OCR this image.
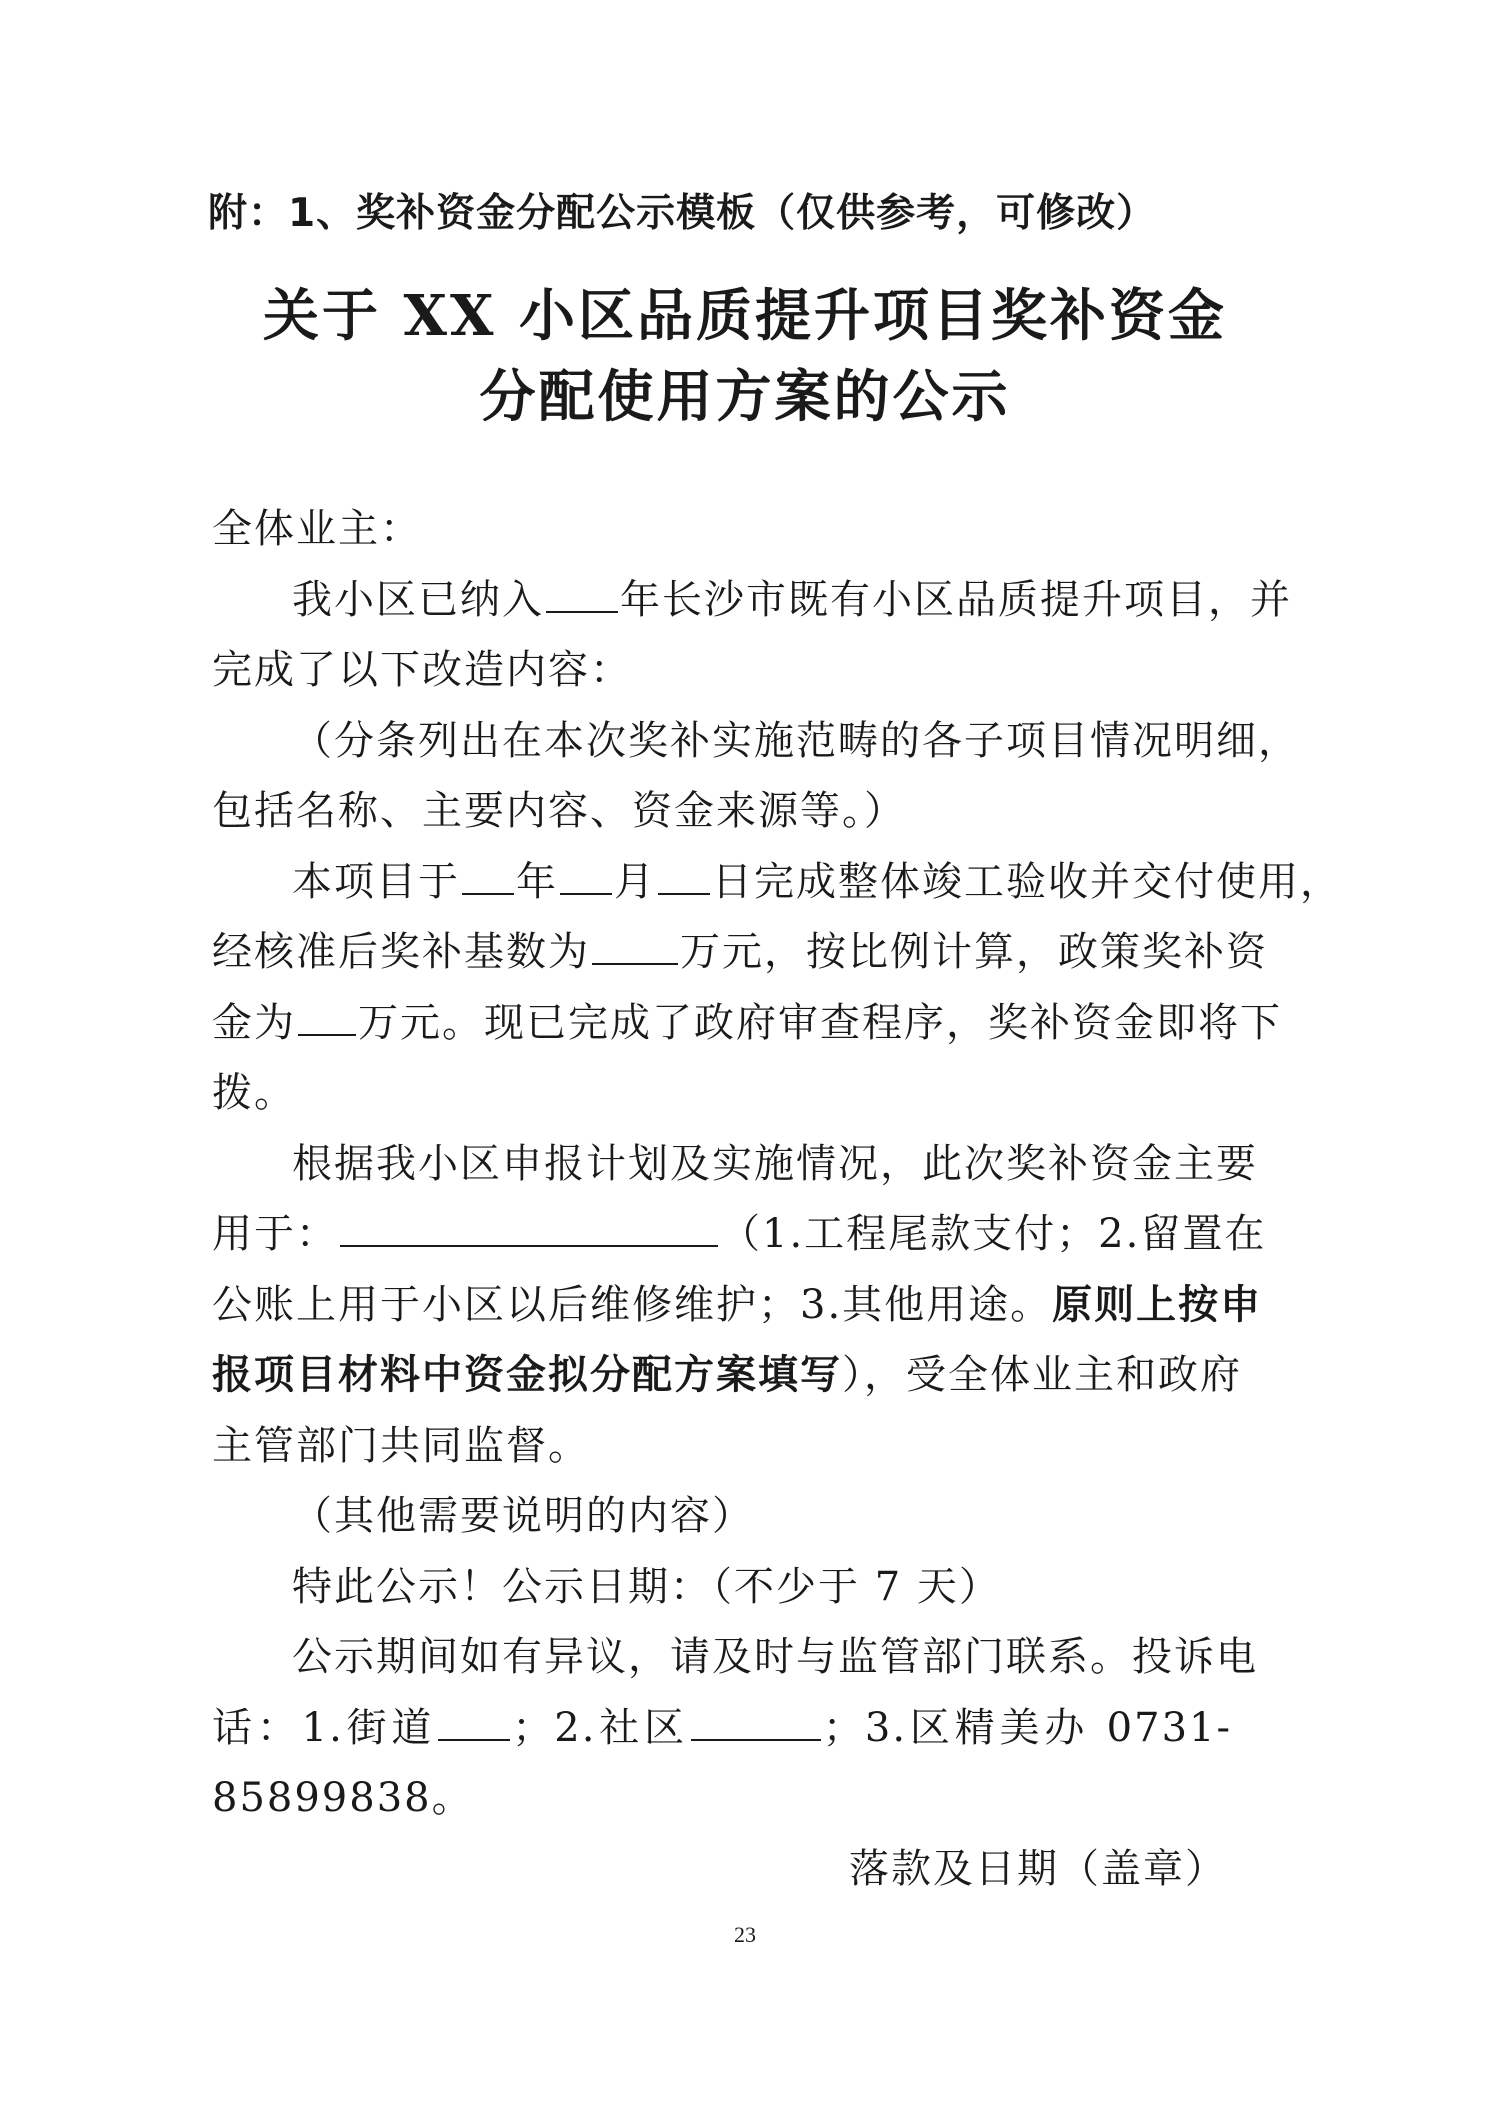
附：1、奖补资金分配公示模板（仅供参考，可修改）
关于 XX 小区品质提升项目奖补资金
分配使用方案的公示
全体业主：
我小区已纳入 年长沙市既有小区品质提升项目，并
完成了以下改造内容：
（分条列出在本次奖补实施范畴的各子项目情况明细，
包括名称、主要内容、资金来源等。）
本项目于 年 月 日完成整体竣工验收并交付使用，
经核准后奖补基数为 万元，按比例计算，政策奖补资
金为 万元。现已完成了政府审查程序，奖补资金即将下
拨。
根据我小区申报计划及实施情况，此次奖补资金主要
用于：	（1.工程尾款支付；2.留置在
公账上用于小区以后维修维护；3.其他用途。原则上按申
报项目材料中资金拟分配方案填写），受全体业主和政府
主管部门共同监督。
（其他需要说明的内容）
特此公示！公示日期：（不少于 7 天）
公示期间如有异议，请及时与监管部门联系。投诉电
话：1.街道 ；2.社区	；3.区精美办 0731-
85899838。
落款及日期（盖章）
23
